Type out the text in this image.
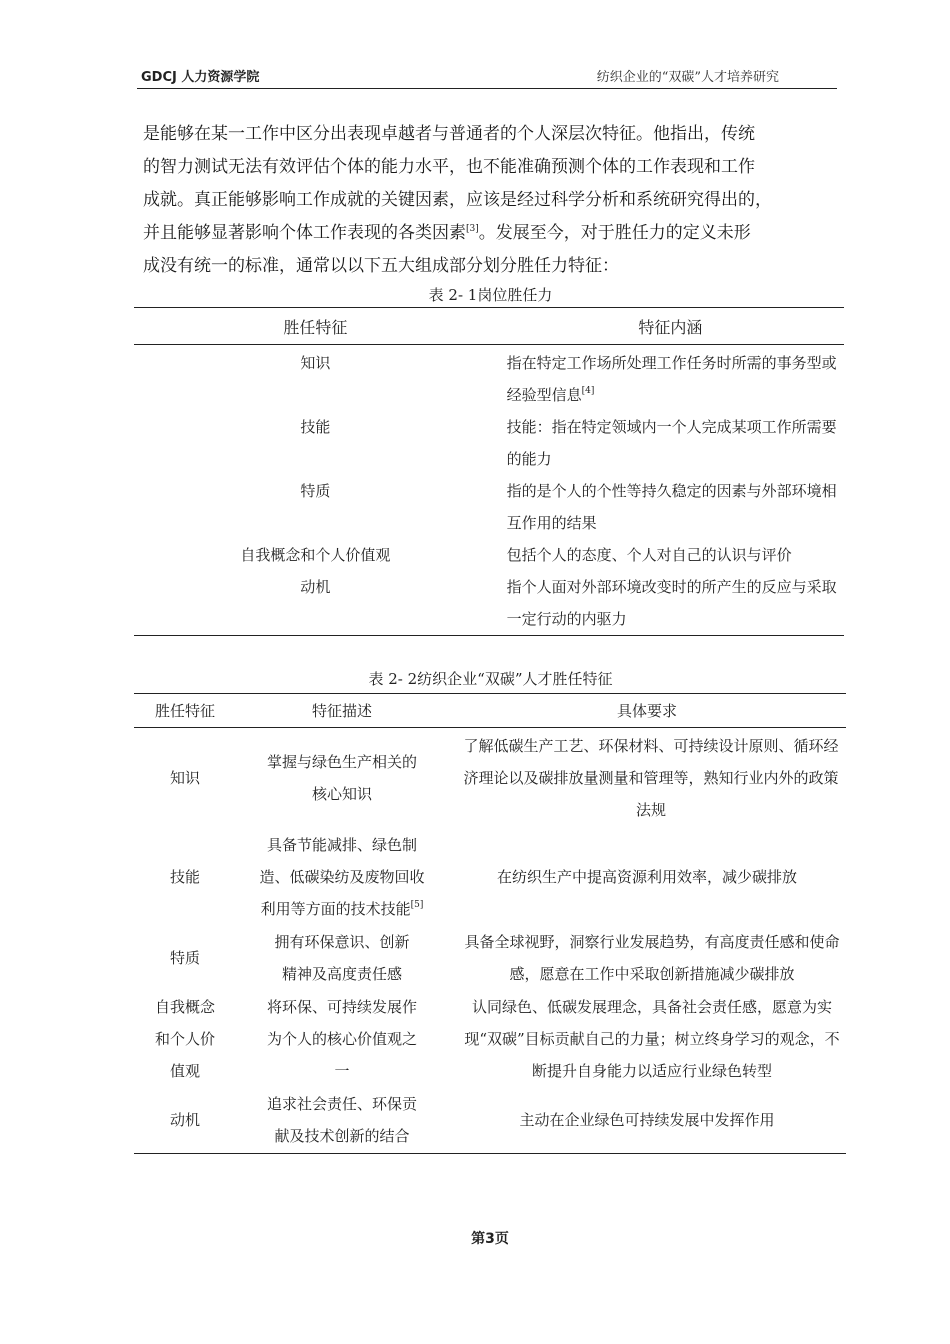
GDCJ 人力资源学院	纺织企业的“双碳”人才培养研究

是能够在某一工作中区分出表现卓越者与普通者的个人深层次特征。他指出，传统

的智力测试无法有效评估个体的能力水平，也不能准确预测个体的工作表现和工作

成就。真正能够影响工作成就的关键因素，应该是经过科学分析和系统研究得出的，

并且能够显著影响个体工作表现的各类因素[3]。发展至今，对于胜任力的定义未形

成没有统一的标准，通常以以下五大组成部分划分胜任力特征：

表 2- 1岗位胜任力
胜任特征	特征内涵
知识	指在特定工作场所处理工作任务时所需的事务型或经验型信息[4]
技能	技能：指在特定领域内一个人完成某项工作所需要的能力
特质	指的是个人的个性等持久稳定的因素与外部环境相互作用的结果
自我概念和个人价值观	包括个人的态度、个人对自己的认识与评价
动机	指个人面对外部环境改变时的所产生的反应与采取一定行动的内驱力
表 2- 2纺织企业“双碳”人才胜任特征
胜任特征	特征描述	具体要求
知识	掌握与绿色生产相关的核心知识	了解低碳生产工艺、环保材料、可持续设计原则、循环经济理论以及碳排放量测量和管理等，熟知行业内外的政策法规
技能	具备节能减排、绿色制造、低碳染纺及废物回收利用等方面的技术技能[5]	在纺织生产中提高资源利用效率，减少碳排放
特质	拥有环保意识、创新精神及高度责任感	具备全球视野，洞察行业发展趋势，有高度责任感和使命感，愿意在工作中采取创新措施减少碳排放
自我概念和个人价值观	将环保、可持续发展作为个人的核心价值观之一	认同绿色、低碳发展理念，具备社会责任感，愿意为实现“双碳”目标贡献自己的力量；树立终身学习的观念，不断提升自身能力以适应行业绿色转型
动机	追求社会责任、环保贡献及技术创新的结合	主动在企业绿色可持续发展中发挥作用
第3页
